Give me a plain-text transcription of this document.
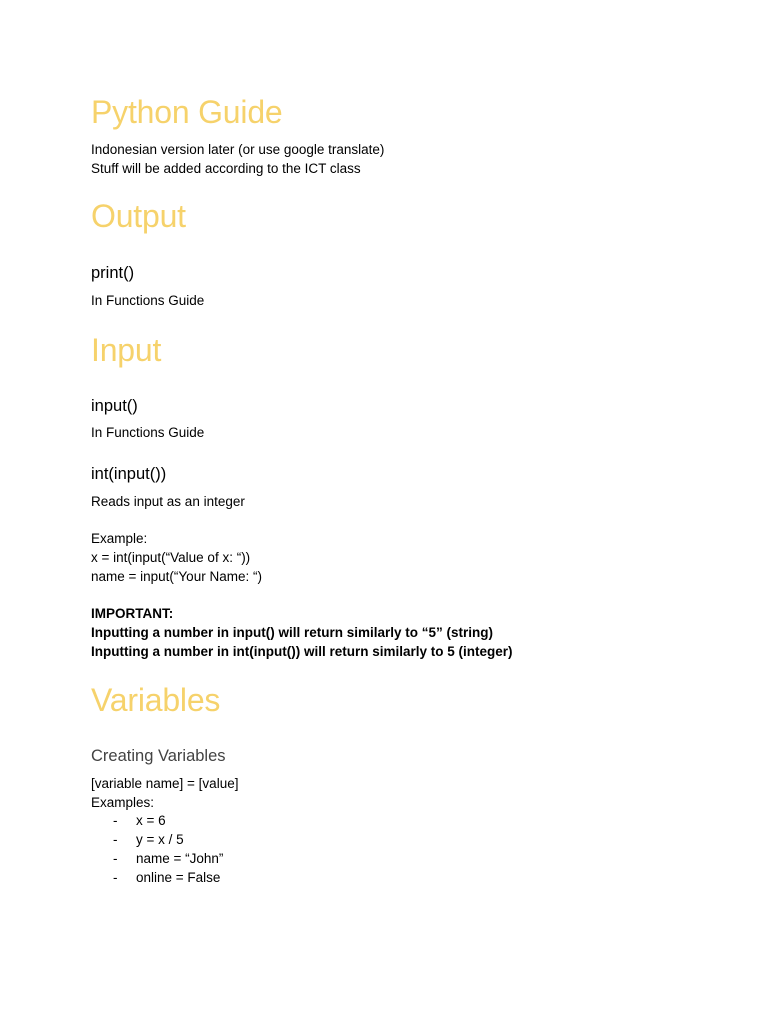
Python Guide

Indonesian version later (or use google translate)

Stuff will be added according to the ICT class

Output
print()

In Functions Guide

Input
input()

In Functions Guide

int(input())

Reads input as an integer

Example:

x = int(input(“Value of x: “))

name = input(“Your Name: “)

IMPORTANT:

Inputting a number in input() will return similarly to “5” (string)

Inputting a number in int(input()) will return similarly to 5 (integer)

Variables
Creating Variables

[variable name] = [value]

Examples:

- x = 6
- y = x / 5
- name = “John”
- online = False
